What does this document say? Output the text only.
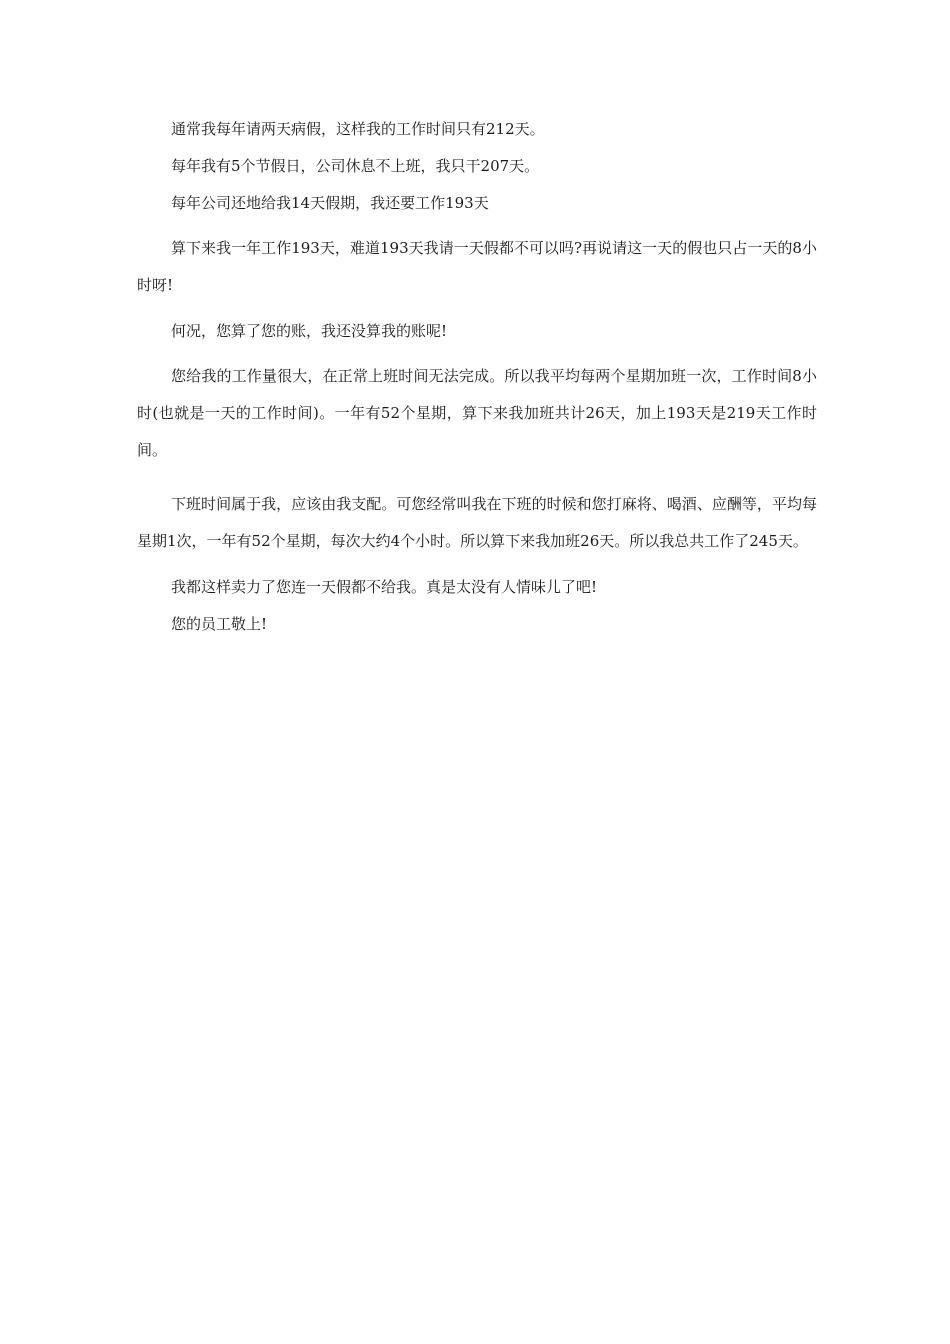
通常我每年请两天病假，这样我的工作时间只有212天。

每年我有5个节假日，公司休息不上班，我只干207天。

每年公司还地给我14天假期，我还要工作193天

算下来我一年工作193天，难道193天我请一天假都不可以吗?再说请这一天的假也只占一天的8小时呀!

何况，您算了您的账，我还没算我的账呢!

您给我的工作量很大，在正常上班时间无法完成。所以我平均每两个星期加班一次，工作时间8小时(也就是一天的工作时间)。一年有52个星期，算下来我加班共计26天，加上193天是219天工作时间。

下班时间属于我，应该由我支配。可您经常叫我在下班的时候和您打麻将、喝酒、应酬等，平均每星期1次，一年有52个星期，每次大约4个小时。所以算下来我加班26天。所以我总共工作了245天。

我都这样卖力了您连一天假都不给我。真是太没有人情味儿了吧!

您的员工敬上!
